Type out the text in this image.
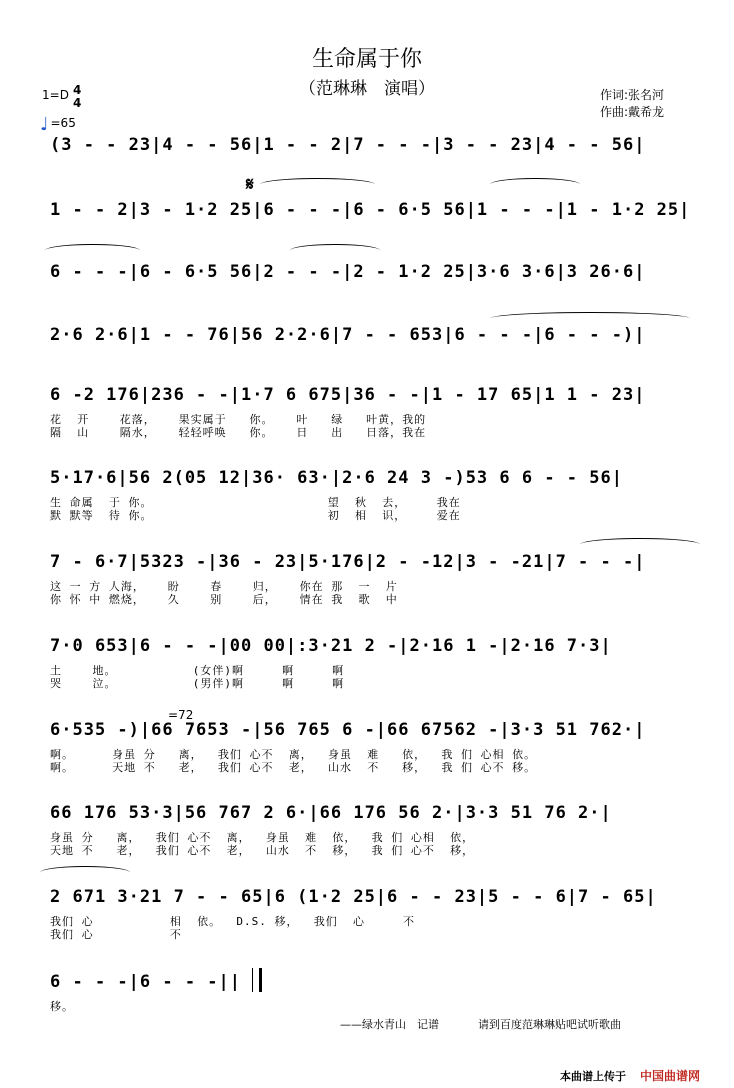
生命属于你
（范琳琳　演唱）
1=D 4
4
♩ =65
作词:张名河
作曲:戴希龙
(3 - - 23|4 - - 56|1 - - 2|7 - - -|3 - - 23|4 - - 56|
1 - - 2|3 - 1·2 25|6 - - -|6 - 6·5 56|1 - - -|1 - 1·2 25|
6 - - -|6 - 6·5 56|2 - - -|2 - 1·2 25|3·6 3·6|3 26·6|
2·6 2·6|1 - - 76|56 2·2·6|7 - - 653|6 - - -|6 - - -)|
6 -2 176|236 - -|1·7 6 675|36 - -|1 - 17 65|1 1 - 23|
花  开    花落，   果实属于   你。   叶   绿   叶黄，我的
隔  山    隔水，   轻轻呼唤   你。   日   出   日落，我在
5·17·6|56 2(05 12|36· 63·|2·6 24 3 -)53 6 6 - - 56|
生 命属  于 你。                       望  秋  去，    我在
默 默等  待 你。                       初  相  识，    爱在
7 - 6·7|5323 -|36 - 23|5·176|2 - -12|3 - -21|7 - - -|
这 一 方 人海，   盼    春    归，   你在 那  一  片
你 怀 中 燃烧，   久    别    后，   情在 我  歌  中
7·0 653|6 - - -|00 00|:3·21 2 -|2·16 1 -|2·16 7·3|
土    地。          (女伴)啊     啊     啊
哭    泣。          (男伴)啊     啊     啊
6·535 -)|66 7653 -|56 765 6 -|66 67562 -|3·3 51 762·|
啊。     身虽 分   离，  我们 心不  离，  身虽  难   依，  我 们 心相 依。
啊。     天地 不   老，  我们 心不  老，  山水  不   移，  我 们 心不 移。
66 176 53·3|56 767 2 6·|66 176 56 2·|3·3 51 76 2·|
身虽 分   离，  我们 心不  离，  身虽  难  依，  我 们 心相  依，
天地 不   老，  我们 心不  老，  山水  不  移，  我 们 心不  移，
2 671 3·21 7 - - 65|6 (1·2 25|6 - - 23|5 - - 6|7 - 65|
我们 心          相  依。  D.S. 移，  我们  心     不
我们 心          不
6 - - -|6 - - -||
移。
𝄋
=72
——绿水青山　记谱	请到百度范琳琳贴吧试听歌曲
本曲谱上传于 中国曲谱网
